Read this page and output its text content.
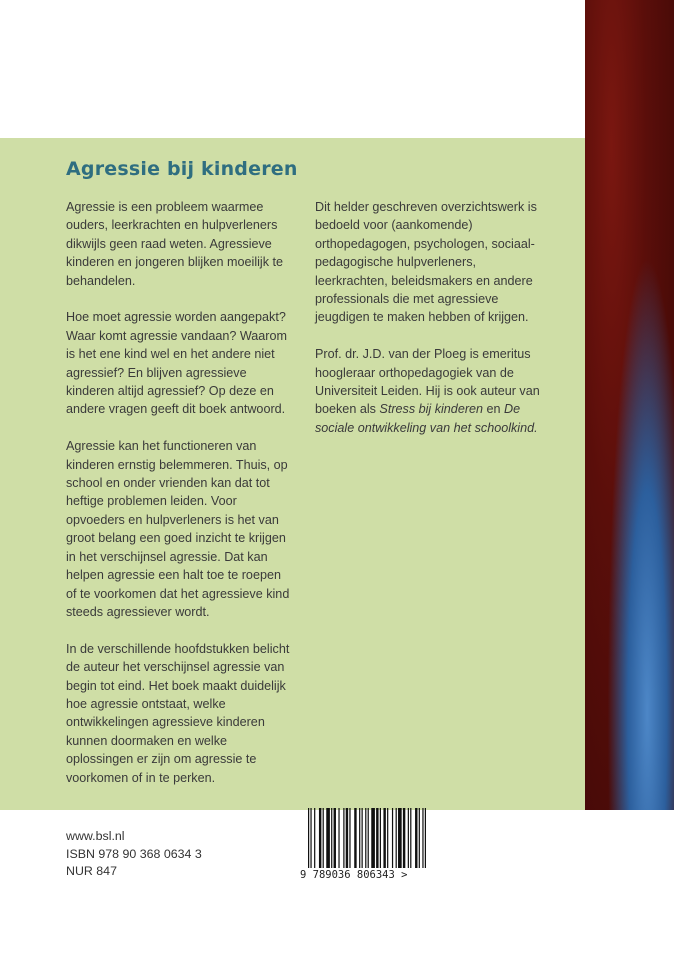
Agressie bij kinderen

Agressie is een probleem waarmee ouders, leerkrachten en hulpverleners dikwijls geen raad weten. Agressieve kinderen en jongeren blijken moeilijk te behandelen.

Hoe moet agressie worden aangepakt? Waar komt agressie vandaan? Waarom is het ene kind wel en het andere niet agressief? En blijven agressieve kinderen altijd agressief? Op deze en andere vragen geeft dit boek antwoord.

Agressie kan het functioneren van kinderen ernstig belemmeren. Thuis, op school en onder vrienden kan dat tot heftige problemen leiden. Voor opvoeders en hulpverleners is het van groot belang een goed inzicht te krijgen in het verschijnsel agressie. Dat kan helpen agressie een halt toe te roepen of te voorkomen dat het agressieve kind steeds agressiever wordt.

In de verschillende hoofdstukken belicht de auteur het verschijnsel agressie van begin tot eind. Het boek maakt duidelijk hoe agressie ontstaat, welke ontwikkelingen agressieve kinderen kunnen doormaken en welke oplossingen er zijn om agressie te voorkomen of in te perken.

Dit helder geschreven overzichtswerk is bedoeld voor (aankomende) orthopedagogen, psychologen, sociaal-pedagogische hulpverleners, leerkrachten, beleidsmakers en andere professionals die met agressieve jeugdigen te maken hebben of krijgen.

Prof. dr. J.D. van der Ploeg is emeritus hoogleraar orthopedagogiek van de Universiteit Leiden. Hij is ook auteur van boeken als Stress bij kinderen en De sociale ontwikkeling van het schoolkind.

www.bsl.nl
ISBN 978 90 368 0634 3
NUR 847	9 789036 806343 >
